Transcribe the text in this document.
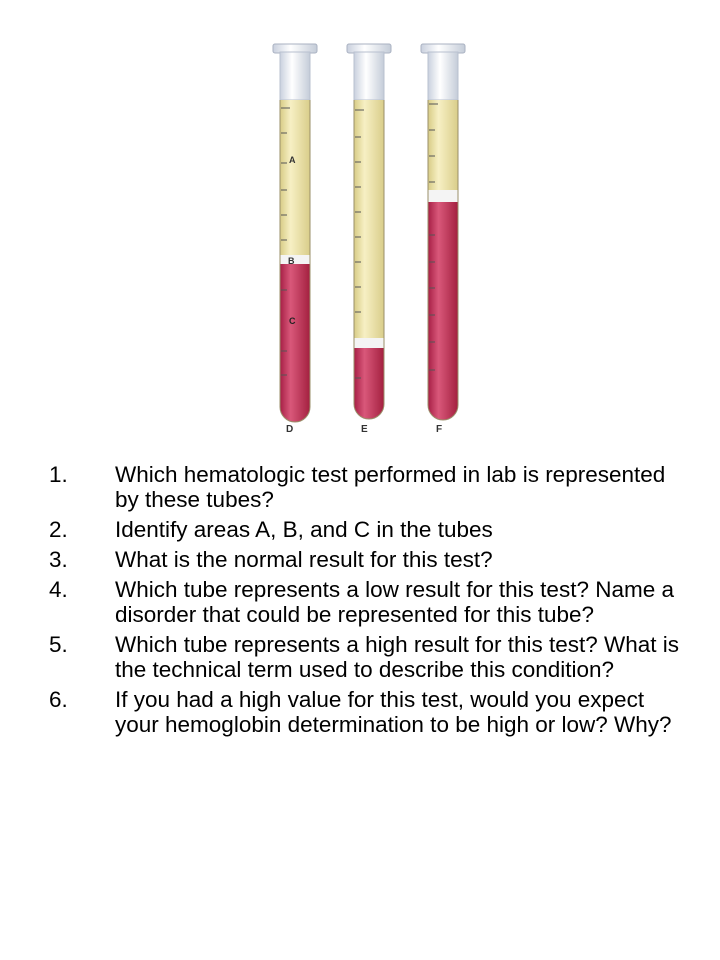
A
B
C
D	E	F
1. Which hematologic test performed in lab is represented by these tubes?
2. Identify areas A, B, and C in the tubes
3. What is the normal result for this test?
4. Which tube represents a low result for this test? Name a disorder that could be represented for this tube?
5. Which tube represents a high result for this test? What is the technical term used to describe this condition?
6. If you had a high value for this test, would you expect your hemoglobin determination to be high or low? Why?
